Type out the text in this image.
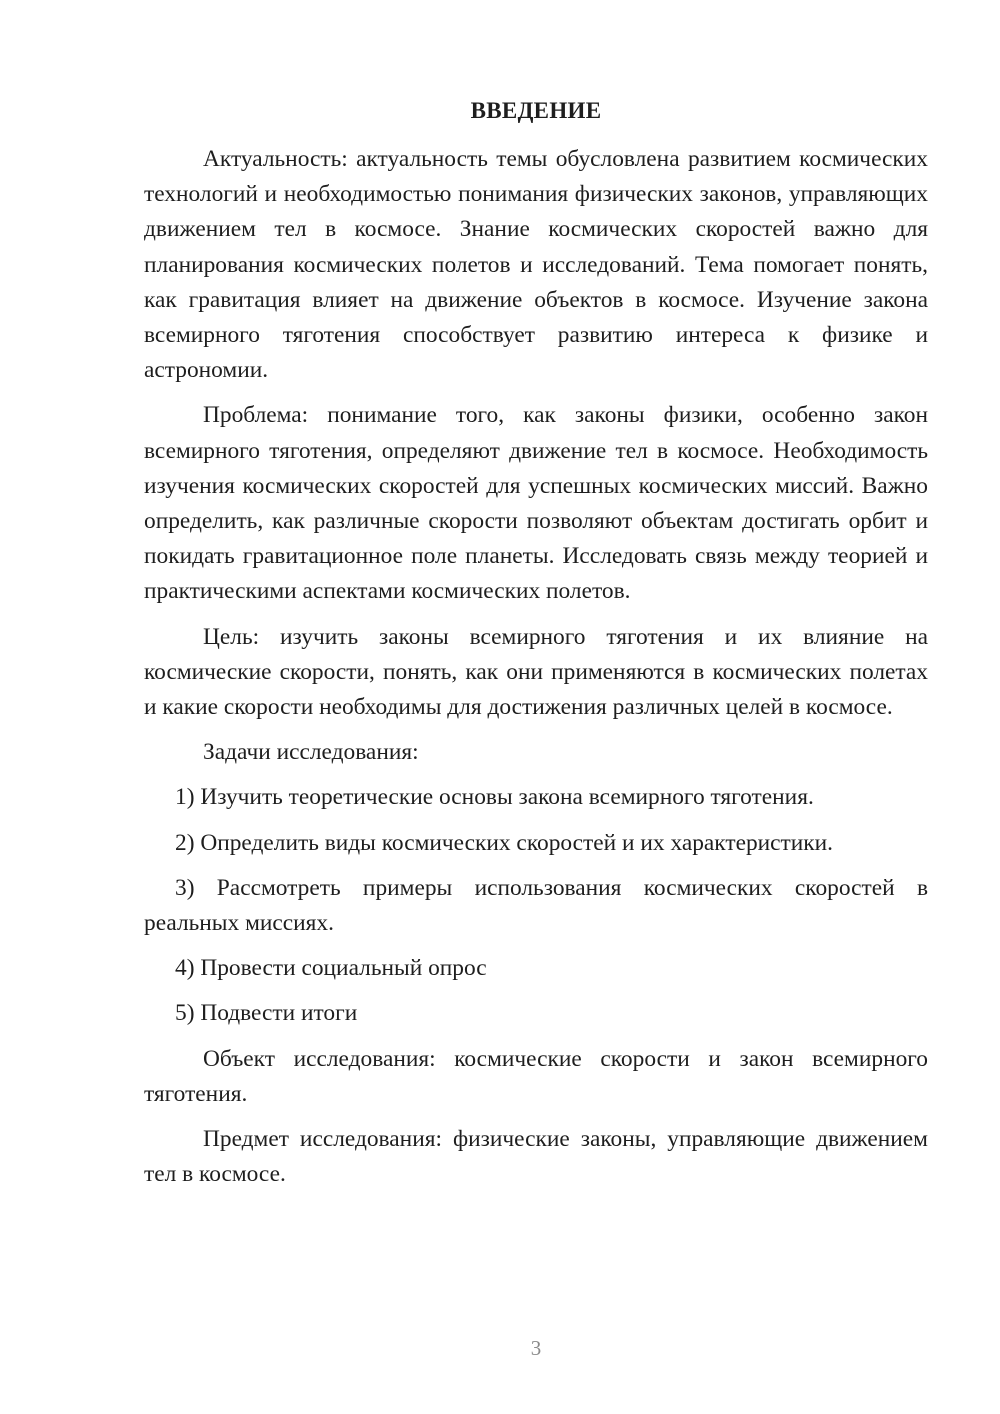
ВВЕДЕНИЕ

Актуальность: актуальность темы обусловлена развитием космических технологий и необходимостью понимания физических законов, управляющих движением тел в космосе. Знание космических скоростей важно для планирования космических полетов и исследований. Тема помогает понять, как гравитация влияет на движение объектов в космосе. Изучение закона всемирного тяготения способствует развитию интереса к физике и астрономии.

Проблема: понимание того, как законы физики, особенно закон всемирного тяготения, определяют движение тел в космосе. Необходимость изучения космических скоростей для успешных космических миссий. Важно определить, как различные скорости позволяют объектам достигать орбит и покидать гравитационное поле планеты. Исследовать связь между теорией и практическими аспектами космических полетов.

Цель: изучить законы всемирного тяготения и их влияние на космические скорости, понять, как они применяются в космических полетах и какие скорости необходимы для достижения различных целей в космосе.

Задачи исследования:

1) Изучить теоретические основы закона всемирного тяготения.

2) Определить виды космических скоростей и их характеристики.

3) Рассмотреть примеры использования космических скоростей в реальных миссиях.

4) Провести социальный опрос

5) Подвести итоги

Объект исследования: космические скорости и закон всемирного тяготения.

Предмет исследования: физические законы, управляющие движением тел в космосе.

3
